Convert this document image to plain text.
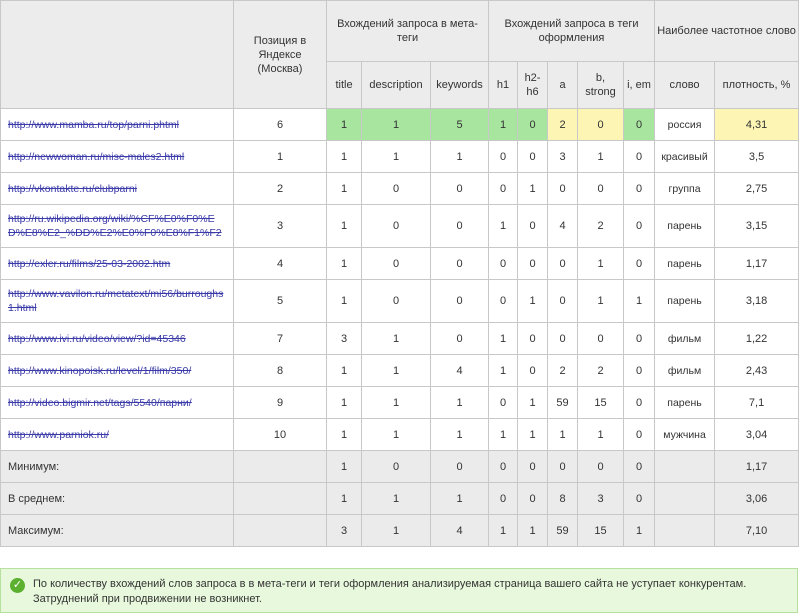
	Позиция в Яндексе (Москва)	Вхождений запроса в мета-теги			Вхождений запроса в теги оформления					Наиболее частотное слово	
		title	description	keywords	h1	h2-h6	a	b, strong	i, em	слово	плотность, %
http://www.mamba.ru/top/parni.phtml	6	1	1	5	1	0	2	0	0	россия	4,31
http://newwoman.ru/misc-males2.html	1	1	1	1	0	0	3	1	0	красивый	3,5
http://vkontakte.ru/clubparni	2	1	0	0	0	1	0	0	0	группа	2,75
http://ru.wikipedia.org/wiki/%CF%E0%F0%ED%E8%E2_%DD%E2%E0%F0%E8%F1%F2	3	1	0	0	1	0	4	2	0	парень	3,15
http://exler.ru/films/25-03-2002.htm	4	1	0	0	0	0	0	1	0	парень	1,17
http://www.vavilon.ru/metatext/mi56/burroughs1.html	5	1	0	0	0	1	0	1	1	парень	3,18
http://www.ivi.ru/video/view/?id=45346	7	3	1	0	1	0	0	0	0	фильм	1,22
http://www.kinopoisk.ru/level/1/film/350/	8	1	1	4	1	0	2	2	0	фильм	2,43
http://video.bigmir.net/tags/5540/парни/	9	1	1	1	0	1	59	15	0	парень	7,1
http://www.parniok.ru/	10	1	1	1	1	1	1	1	0	мужчина	3,04
Минимум:		1	0	0	0	0	0	0	0		1,17
В среднем:		1	1	1	0	0	8	3	0		3,06
Максимум:		3	1	4	1	1	59	15	1		7,10
✓ По количеству вхождений слов запроса в в мета-теги и теги оформления анализируемая страница вашего сайта не уступает конкурентам. Затруднений при продвижении не возникнет.
